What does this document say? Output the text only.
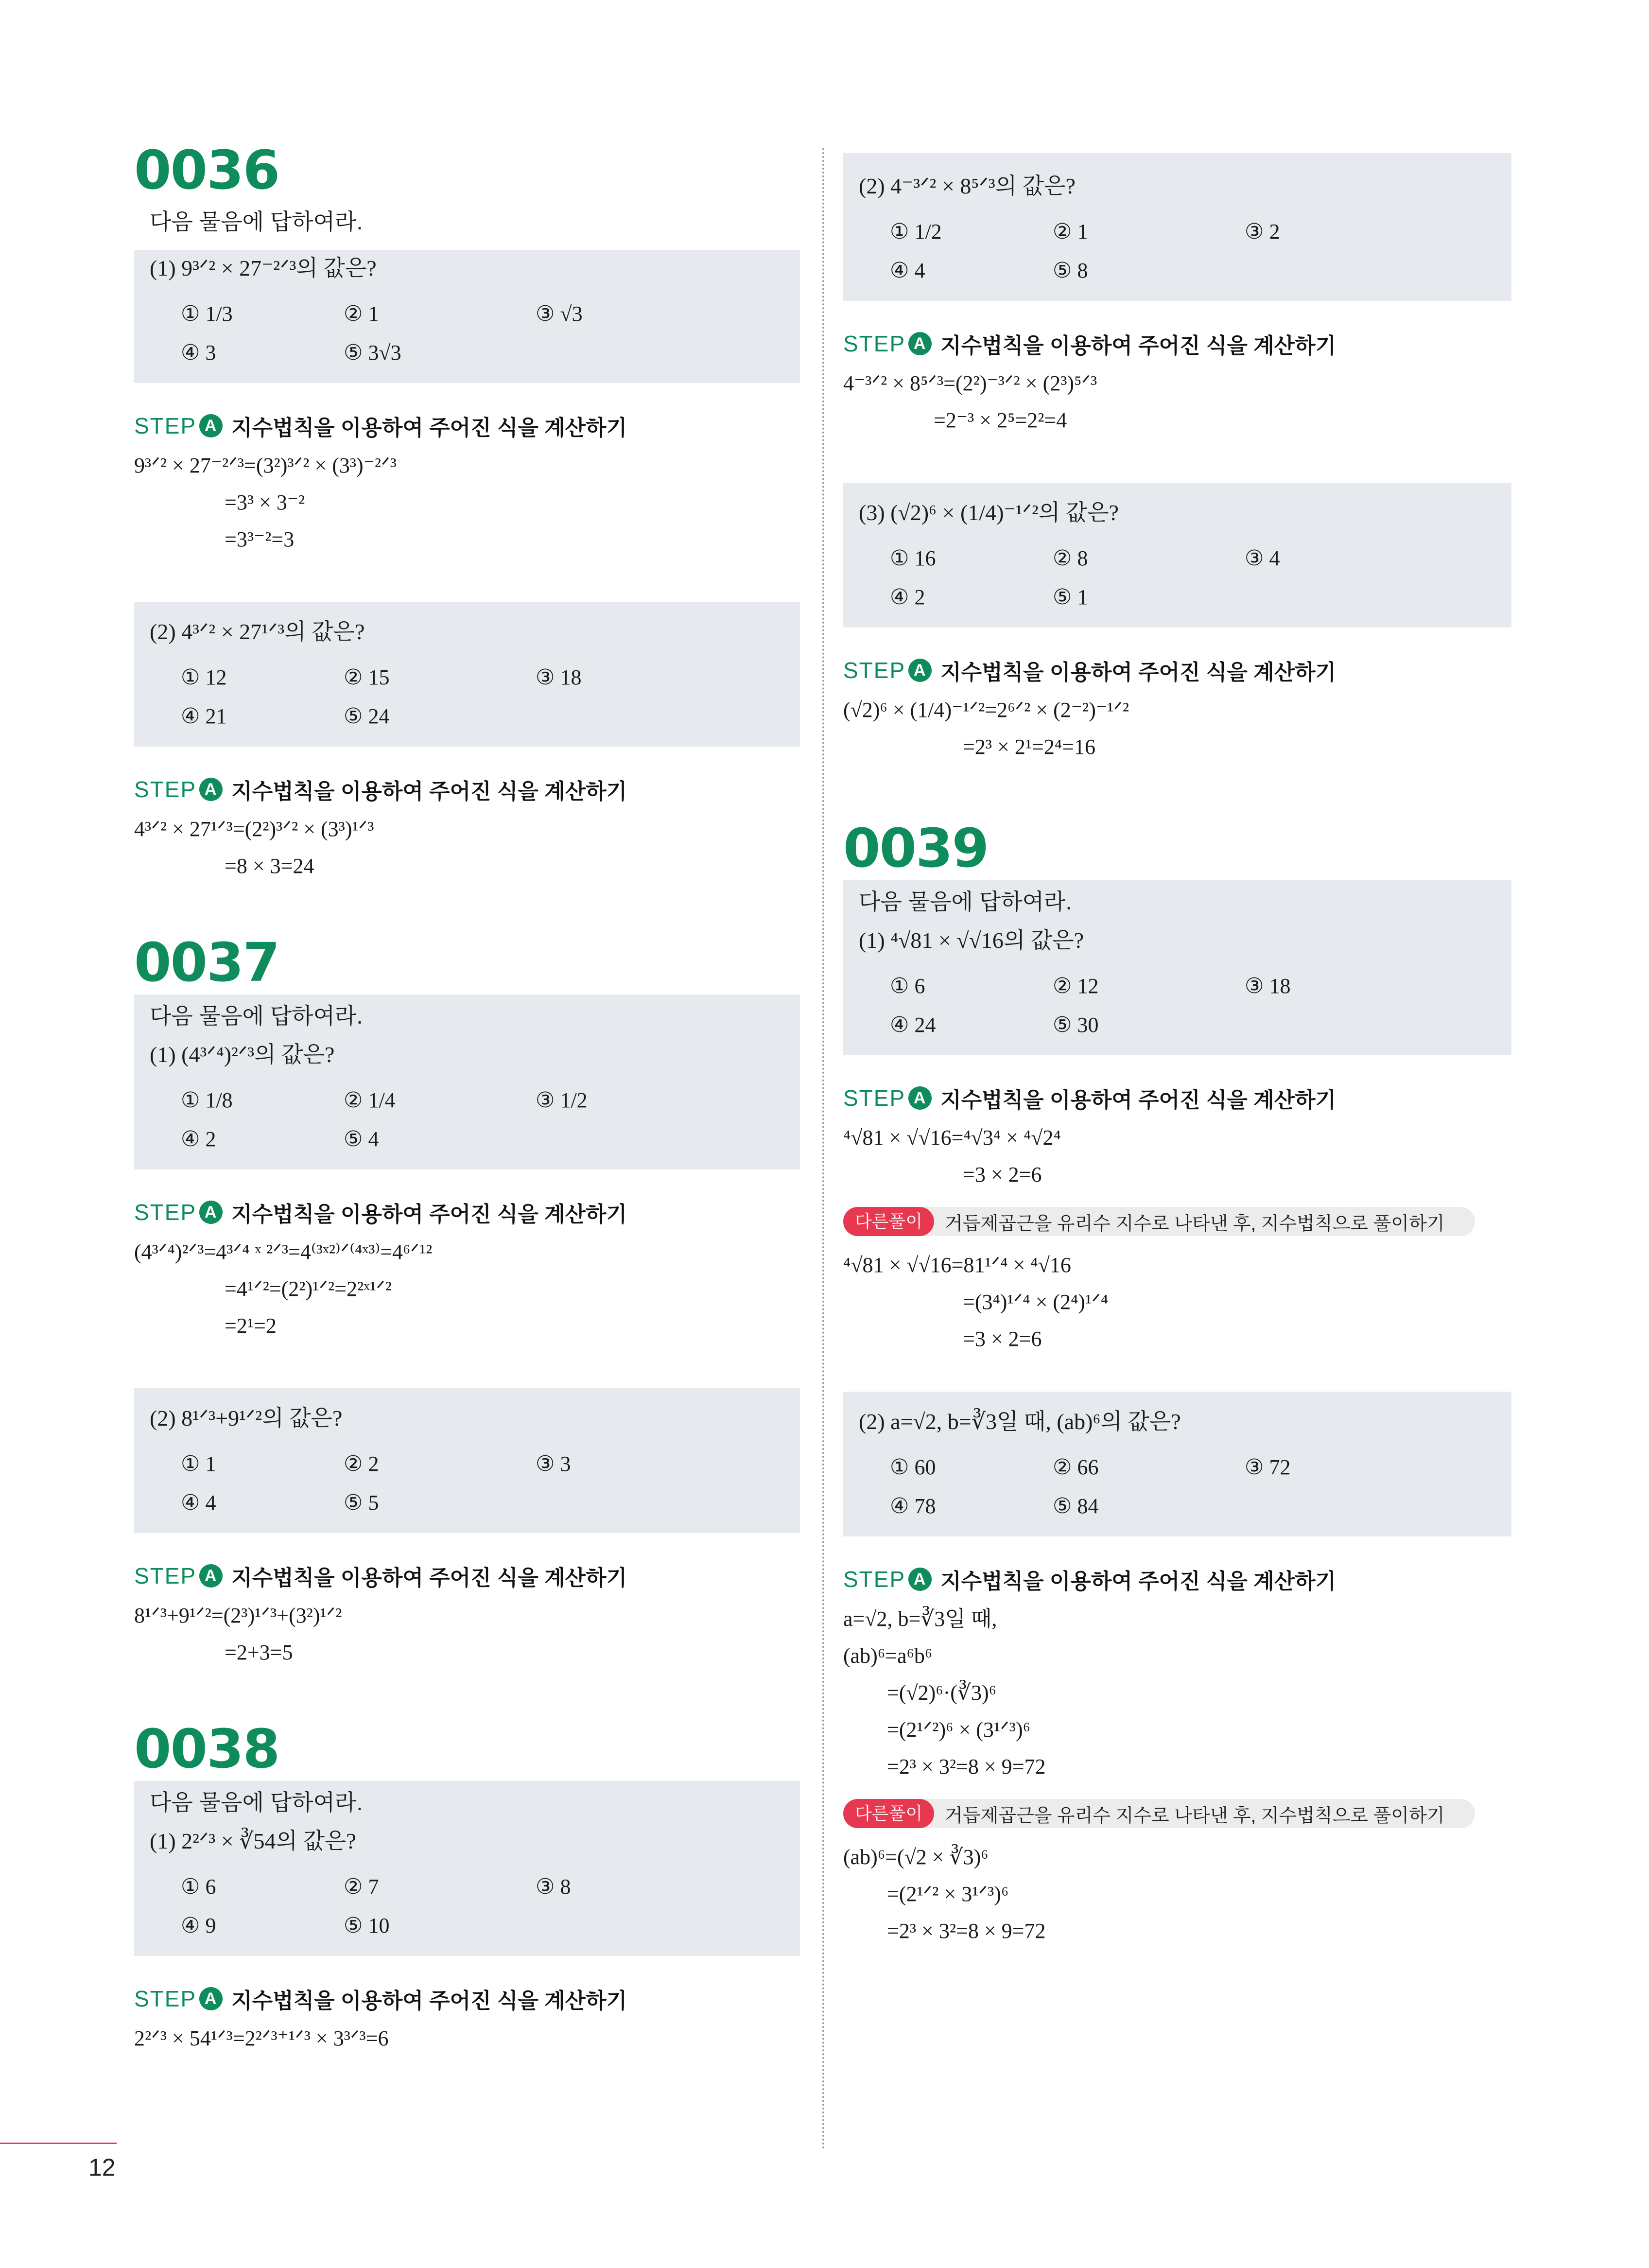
0036
다음 물음에 답하여라.
(1) 9³ᐟ² × 27⁻²ᐟ³의 값은?
① 1/3	② 1	③ √3
④ 3	⑤ 3√3
STEP A 지수법칙을 이용하여 주어진 식을 계산하기
9³ᐟ² × 27⁻²ᐟ³=(3²)³ᐟ² × (3³)⁻²ᐟ³
=3³ × 3⁻²
=3³⁻²=3
(2) 4³ᐟ² × 27¹ᐟ³의 값은?
① 12	② 15	③ 18
④ 21	⑤ 24
STEP A 지수법칙을 이용하여 주어진 식을 계산하기
4³ᐟ² × 27¹ᐟ³=(2²)³ᐟ² × (3³)¹ᐟ³
=8 × 3=24
0037
다음 물음에 답하여라.
(1) (4³ᐟ⁴)²ᐟ³의 값은?
① 1/8	② 1/4	③ 1/2
④ 2	⑤ 4
STEP A 지수법칙을 이용하여 주어진 식을 계산하기
(4³ᐟ⁴)²ᐟ³=4³ᐟ⁴ ˣ ²ᐟ³=4⁽³ˣ²⁾ᐟ⁽⁴ˣ³⁾=4⁶ᐟ¹²
=4¹ᐟ²=(2²)¹ᐟ²=2²ˣ¹ᐟ²
=2¹=2
(2) 8¹ᐟ³+9¹ᐟ²의 값은?
① 1	② 2	③ 3
④ 4	⑤ 5
STEP A 지수법칙을 이용하여 주어진 식을 계산하기
8¹ᐟ³+9¹ᐟ²=(2³)¹ᐟ³+(3²)¹ᐟ²
=2+3=5
0038
다음 물음에 답하여라.
(1) 2²ᐟ³ × ∛54의 값은?
① 6	② 7	③ 8
④ 9	⑤ 10
STEP A 지수법칙을 이용하여 주어진 식을 계산하기
2²ᐟ³ × 54¹ᐟ³=2²ᐟ³⁺¹ᐟ³ × 3³ᐟ³=6
(2) 4⁻³ᐟ² × 8⁵ᐟ³의 값은?
① 1/2	② 1	③ 2
④ 4	⑤ 8
STEP A 지수법칙을 이용하여 주어진 식을 계산하기
4⁻³ᐟ² × 8⁵ᐟ³=(2²)⁻³ᐟ² × (2³)⁵ᐟ³
=2⁻³ × 2⁵=2²=4
(3) (√2)⁶ × (1/4)⁻¹ᐟ²의 값은?
① 16	② 8	③ 4
④ 2	⑤ 1
STEP A 지수법칙을 이용하여 주어진 식을 계산하기
(√2)⁶ × (1/4)⁻¹ᐟ²=2⁶ᐟ² × (2⁻²)⁻¹ᐟ²
=2³ × 2¹=2⁴=16
0039
다음 물음에 답하여라.
(1) ⁴√81 × √√16의 값은?
① 6	② 12	③ 18
④ 24	⑤ 30
STEP A 지수법칙을 이용하여 주어진 식을 계산하기
⁴√81 × √√16=⁴√3⁴ × ⁴√2⁴
=3 × 2=6
다른풀이	거듭제곱근을 유리수 지수로 나타낸 후, 지수법칙으로 풀이하기
⁴√81 × √√16=81¹ᐟ⁴ × ⁴√16
=(3⁴)¹ᐟ⁴ × (2⁴)¹ᐟ⁴
=3 × 2=6
(2) a=√2, b=∛3일 때, (ab)⁶의 값은?
① 60	② 66	③ 72
④ 78	⑤ 84
STEP A 지수법칙을 이용하여 주어진 식을 계산하기
a=√2, b=∛3일 때,
(ab)⁶=a⁶b⁶
=(√2)⁶·(∛3)⁶
=(2¹ᐟ²)⁶ × (3¹ᐟ³)⁶
=2³ × 3²=8 × 9=72
다른풀이	거듭제곱근을 유리수 지수로 나타낸 후, 지수법칙으로 풀이하기
(ab)⁶=(√2 × ∛3)⁶
=(2¹ᐟ² × 3¹ᐟ³)⁶
=2³ × 3²=8 × 9=72
12
